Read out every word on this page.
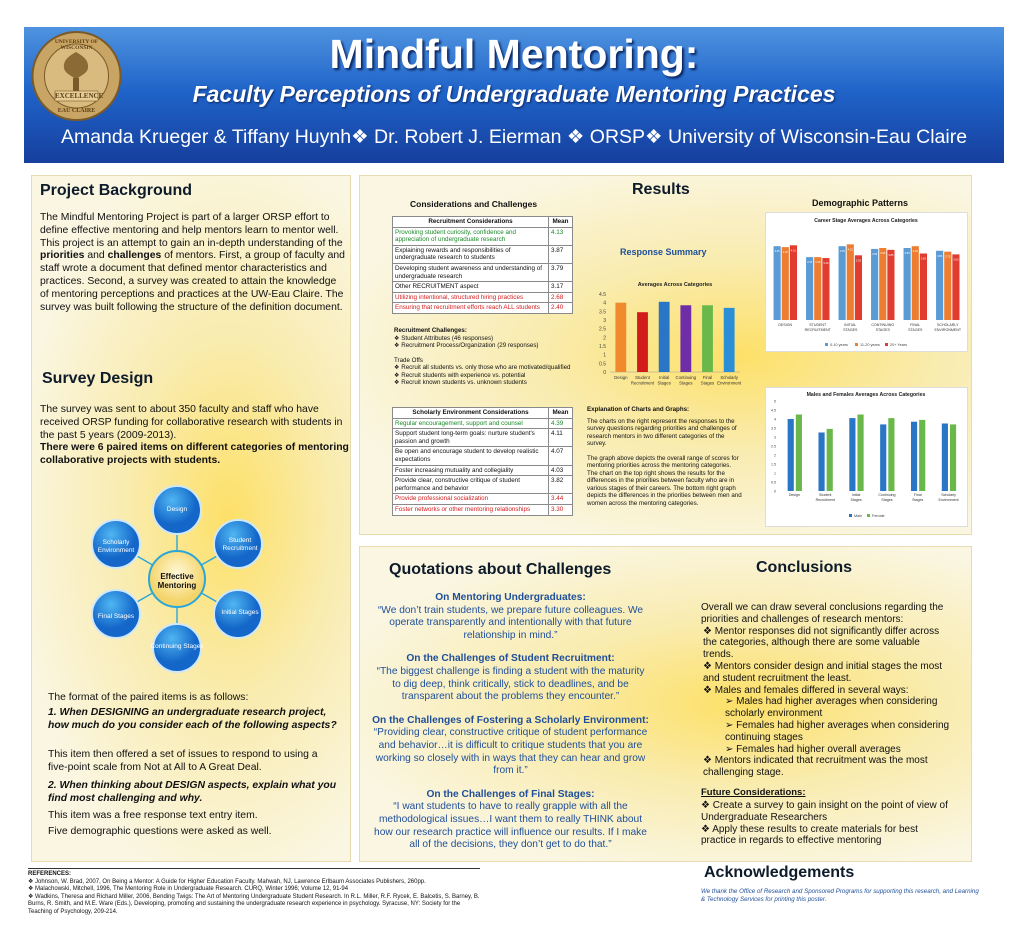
Mindful Mentoring:
Faculty Perceptions of Undergraduate Mentoring Practices
Amanda Krueger & Tiffany Huynh❖ Dr. Robert J. Eierman ❖ ORSP❖ University of Wisconsin-Eau Claire
EXCELLENCE
UNIVERSITY OF WISCONSIN
EAU CLAIRE
Project Background

The Mindful Mentoring Project is part of a larger ORSP effort to define effective mentoring and help mentors learn to mentor well. This project is an attempt to gain an in-depth understanding of the priorities and challenges of mentors. First, a group of faculty and staff wrote a document that defined mentor characteristics and practices. Second, a survey was created to attain the knowledge of mentoring perceptions and practices at the UW-Eau Claire. The survey was built following the structure of the definition document.

Survey Design

The survey was sent to about 350 faculty and staff who have received ORSP funding for collaborative research with students in the past 5 years (2009-2013).
There were 6 paired items on different categories of mentoring collaborative projects with students.

Effective Mentoring
Design
Student Recruitment
Initial Stages
Continuing Stages
Final Stages
Scholarly Environment

The format of the paired items is as follows:

1. When DESIGNING an undergraduate research project, how much do you consider each of the following aspects?

This item then offered a set of issues to respond to using a five-point scale from Not at All to A Great Deal.

2. When thinking about DESIGN aspects, explain what you find most challenging and why.

This item was a free response text entry item.

Five demographic questions were asked as well.

Results
Considerations and Challenges
Recruitment Considerations	Mean
Provoking student curiosity, confidence and appreciation of undergraduate research	4.13
Explaining rewards and responsibilities of undergraduate research to students	3.87
Developing student awareness and understanding of undergraduate research	3.79
Other RECRUITMENT aspect	3.17
Utilizing intentional, structured hiring practices	2.68
Ensuring that recruitment efforts reach ALL students	2.40
Recruitment Challenges:
❖ Student Attributes (46 responses)
❖ Recruitment Process/Organization (29 responses)
Trade Offs
❖ Recruit all students vs. only those who are motivated/qualified
❖ Recruit students with experience vs. potential
❖ Recruit known students vs. unknown students
Scholarly Environment Considerations	Mean
Regular encouragement, support and counsel	4.39
Support student long-term goals: nurture student's passion and growth	4.11
Be open and encourage student to develop realistic expectations	4.07
Foster increasing mutuality and collegiality	4.03
Provide clear, constructive critique of student performance and behavior	3.82
Provide professional socialization	3.44
Foster networks or other mentoring relationships	3.30
Response Summary
Averages Across Categories
0
0.5
1
1.5
2
2.5
3
3.5
4
4.5
Design Student
Recruitment
Initial
Stages
Continuing
Stages
Final
Stages
Scholarly
Environment
Explanation of Charts and Graphs:
The charts on the right represent the responses to the survey questions regarding priorities and challenges of research mentors in two different categories of the survey.
The graph above depicts the overall range of scores for mentoring priorities across the mentoring categories. The chart on the top right shows the results for the differences in the priorities between faculty who are in various stages of their careers. The bottom right graph depicts the differences in the priorities between men and women across the mentoring categories.
Demographic Patterns
Career Stage Averages Across Categories
4.05 4.00
4.10
DESIGN
3.45 3.45 3.40
STUDENT
RECRUITMENT
4.05
4.15
3.55
INITIAL
STAGES
3.90 3.95
3.85
CONTINUING
STAGES
3.95
4.05
3.65
FINAL
STAGES
3.80 3.75
3.60
SCHOLARLY
ENVIRONMENT
0-10 years	11-20 years	20+ Years
Males and Females Averages Across Categories
0
0.5
1
1.5
2
2.5
3
3.5
4
4.5
5
Design	Student
Recruitment
Initial
Stages
Continuing
Stages
Final
Stages
Scholarly
Environment
Male	Female
Quotations about Challenges
On Mentoring Undergraduates:
“We don’t train students, we prepare future colleagues. We operate transparently and intentionally with that future relationship in mind.”
On the Challenges of Student Recruitment:
“The biggest challenge is finding a student with the maturity to dig deep, think critically, stick to deadlines, and be transparent about the problems they encounter.”
On the Challenges of Fostering a Scholarly Environment:
“Providing clear, constructive critique of student performance and behavior…it is difficult to critique students that you are working so closely with in ways that they can hear and grow from it.”
On the Challenges of Final Stages:
“I want students to have to really grapple with all the methodological issues…I want them to really THINK about how our research practice will influence our results. If I make all of the decisions, they don’t get to do that.”
Conclusions
Overall we can draw several conclusions regarding the priorities and challenges of research mentors:
❖ Mentor responses did not significantly differ across the categories, although there are some valuable trends.
❖ Mentors consider design and initial stages the most and student recruitment the least.
❖ Males and females differed in several ways:
➢ Males had higher averages when considering scholarly environment
➢ Females had higher averages when considering continuing stages
➢ Females had higher overall averages
❖ Mentors indicated that recruitment was the most challenging stage.
Future Considerations:
❖ Create a survey to gain insight on the point of view of Undergraduate Researchers
❖ Apply these results to create materials for best practice in regards to effective mentoring
Acknowledgements
We thank the Office of Research and Sponsored Programs for supporting this research, and Learning & Technology Services for printing this poster.
REFERENCES:
❖ Johnson, W. Brad, 2007, On Being a Mentor: A Guide for Higher Education Faculty. Mahwah, NJ, Lawrence Erlbaum Associates Publishers, 260pp.
❖ Malachowski, Mitchell, 1996, The Mentoring Role in Undergraduate Research. CURQ, Winter 1996; Volume 12, 91-94
❖ Wadkins, Theresa and Richard Miller, 2006, Bending Twigs: The Art of Mentoring Undergraduate Student Research. In R.L. Miller, R.F. Rycek, E. Balcetis, S. Barney, B. Burns, R. Smith, and M.E. Ware (Eds.), Developing, promoting and sustaining the undergraduate research experience in psychology. Syracuse, NY: Society for the Teaching of Psychology, 209-214.
